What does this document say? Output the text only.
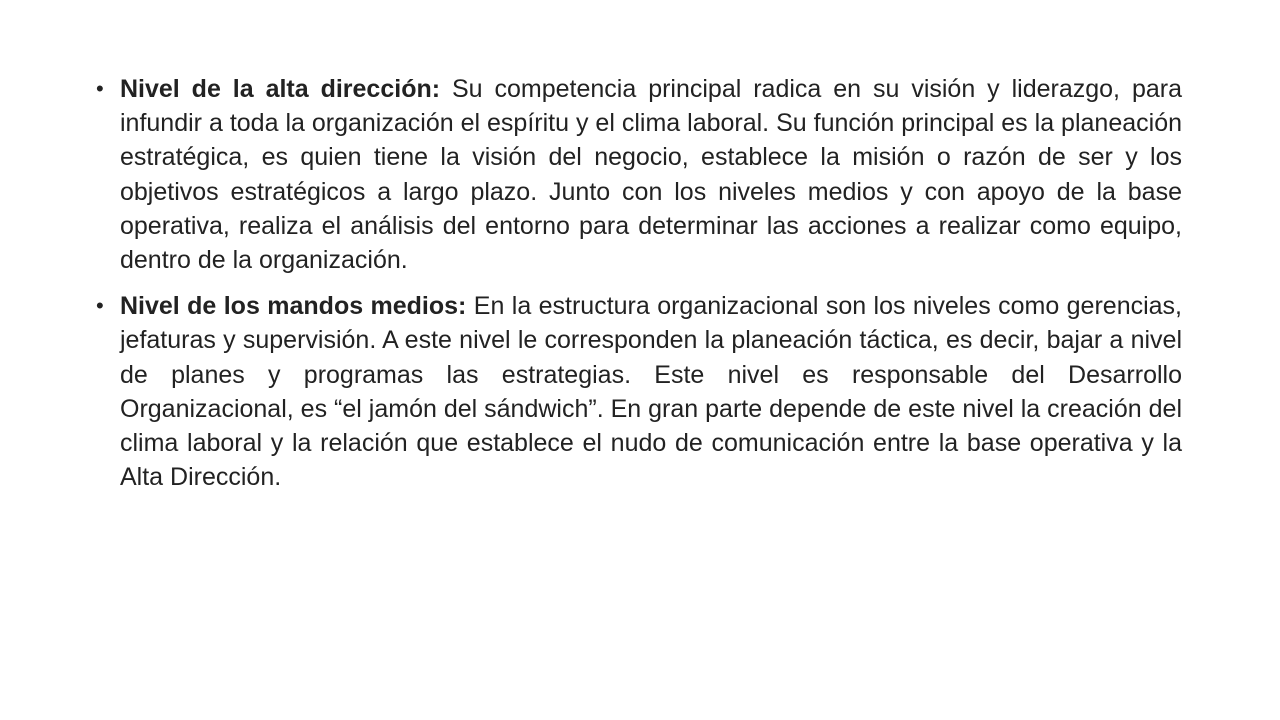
• Nivel de la alta dirección: Su competencia principal radica en su visión y liderazgo, para infundir a toda la organización el espíritu y el clima laboral. Su función principal es la planeación estratégica, es quien tiene la visión del negocio, establece la misión o razón de ser y los objetivos estratégicos a largo plazo. Junto con los niveles medios y con apoyo de la base operativa, realiza el análisis del entorno para determinar las acciones a realizar como equipo, dentro de la organización.
• Nivel de los mandos medios: En la estructura organizacional son los niveles como gerencias, jefaturas y supervisión. A este nivel le corresponden la planeación táctica, es decir, bajar a nivel de planes y programas las estrategias. Este nivel es responsable del Desarrollo Organizacional, es “el jamón del sándwich”. En gran parte depende de este nivel la creación del clima laboral y la relación que establece el nudo de comunicación entre la base operativa y la Alta Dirección.
